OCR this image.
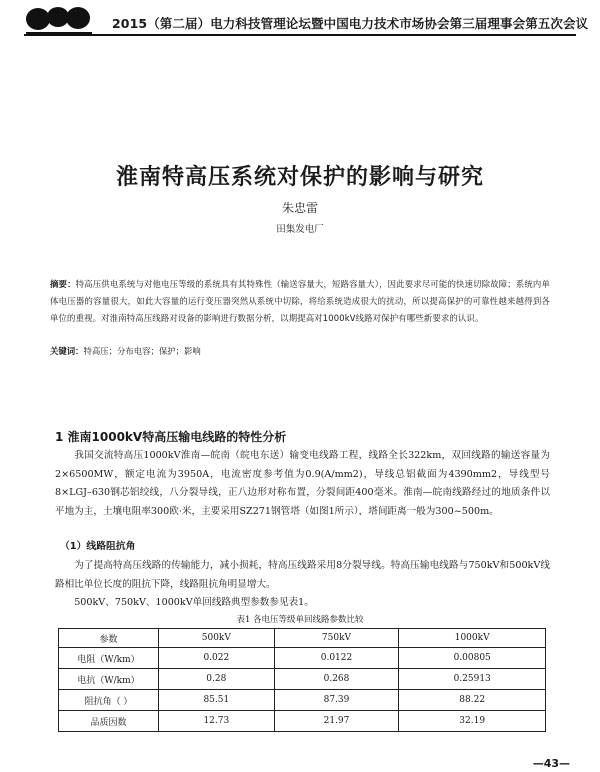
2015（第二届）电力科技管理论坛暨中国电力技术市场协会第三届理事会第五次会议
淮南特高压系统对保护的影响与研究
朱忠雷
田集发电厂
摘要：特高压供电系统与对他电压等级的系统具有其特殊性（输送容量大，短路容量大），因此要求尽可能的快速切除故障；系统内单体电压器的容量很大，如此大容量的运行变压器突然从系统中切除，将给系统造成很大的扰动，所以提高保护的可靠性越来越得到各单位的重视。对淮南特高压线路对设备的影响进行数据分析，以期提高对1000kV线路对保护有哪些新要求的认识。
关键词：特高压；分布电容；保护；影响
1 淮南1000kV特高压输电线路的特性分析
我国交流特高压1000kV淮南—皖南（皖电东送）输变电线路工程，线路全长322km，双回线路的输送容量为2×6500MW，额定电流为3950A，电流密度参考值为0.9(A/mm2)，导线总铝截面为4390mm2，导线型号8×LGJ–630钢芯铝绞线，八分裂导线，正八边形对称布置，分裂间距400毫米。淮南—皖南线路经过的地质条件以平地为主，土壤电阻率300欧·米，主要采用SZ271钢管塔（如图1所示），塔间距离一般为300~500m。
（1）线路阻抗角
为了提高特高压线路的传输能力，减小损耗，特高压线路采用8分裂导线。特高压输电线路与750kV和500kV线路相比单位长度的阻抗下降，线路阻抗角明显增大。
500kV、750kV、1000kV单回线路典型参数参见表1。
表1 各电压等级单回线路参数比较
参数	500kV	750kV	1000kV
电阻（W/km）	0.022	0.0122	0.00805
电抗（W/km）	0.28	0.268	0.25913
阻抗角（ ）	85.51	87.39	88.22
品质因数	12.73	21.97	32.19
—43—
